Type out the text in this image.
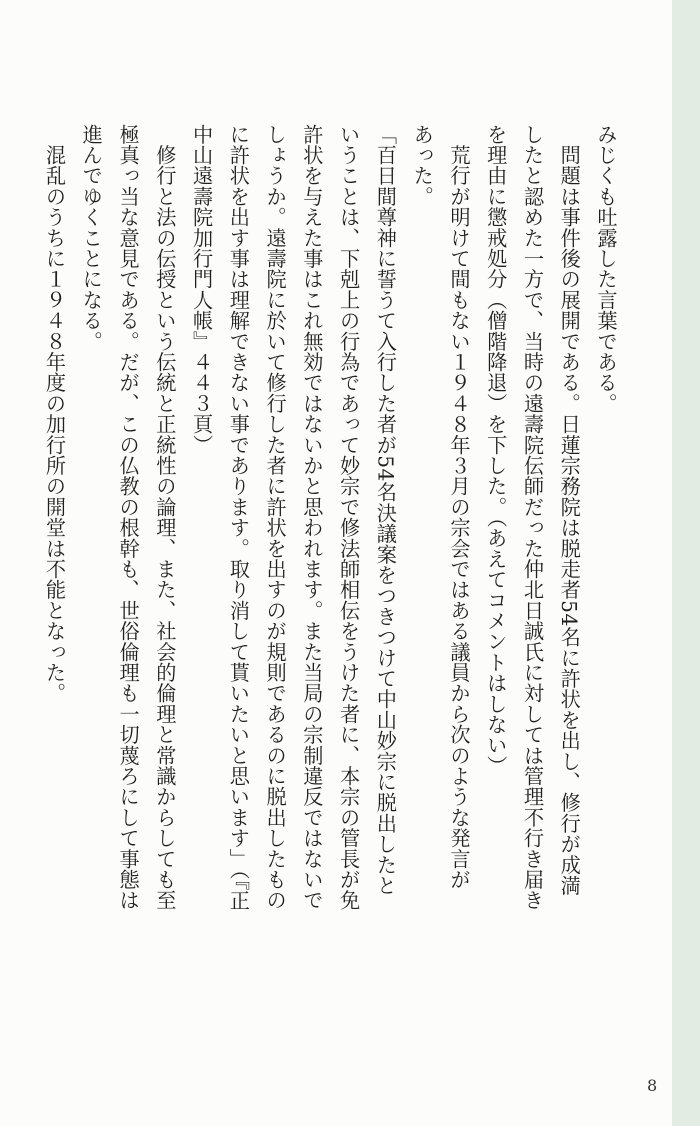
みじくも吐露した言葉である。

　問題は事件後の展開である。日蓮宗務院は脱走者54名に許状を出し、修行が成満

したと認めた一方で、当時の遠壽院伝師だった仲北日誠氏に対しては管理不行き届き

を理由に懲戒処分（僧階降退）を下した。（あえてコメントはしない）

　荒行が明けて間もない１９４８年３月の宗会ではある議員から次のような発言が

あった。

「百日間尊神に誓うて入行した者が54名決議案をつきつけて中山妙宗に脱出したと

いうことは、下剋上の行為であって妙宗で修法師相伝をうけた者に、本宗の管長が免

許状を与えた事はこれ無効ではないかと思われます。また当局の宗制違反ではないで

しょうか。遠壽院に於いて修行した者に許状を出すのが規則であるのに脱出したもの

に許状を出す事は理解できない事であります。取り消して貰いたいと思います」（『正

中山遠壽院加行門人帳』４４３頁）

　修行と法の伝授という伝統と正統性の論理、また、社会的倫理と常識からしても至

極真っ当な意見である。だが、この仏教の根幹も、世俗倫理も一切蔑ろにして事態は

進んでゆくことになる。

　混乱のうちに１９４８年度の加行所の開堂は不能となった。

8
